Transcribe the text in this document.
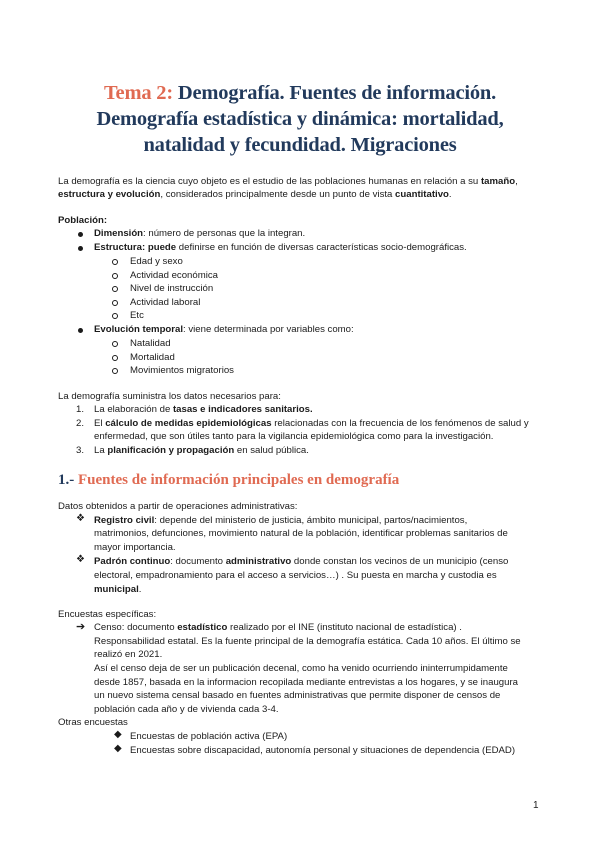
Tema 2: Demografía. Fuentes de información.
Demografía estadística y dinámica: mortalidad,
natalidad y fecundidad. Migraciones
La demografía es la ciencia cuyo objeto es el estudio de las poblaciones humanas en relación a su tamaño, estructura y evolución, considerados principalmente desde un punto de vista cuantitativo.
Población:
Dimensión: número de personas que la integran.
Estructura: puede definirse en función de diversas características socio-demográficas.
Edad y sexo
Actividad económica
Nivel de instrucción
Actividad laboral
Etc
Evolución temporal: viene determinada por variables como:
Natalidad
Mortalidad
Movimientos migratorios
La demografía suministra los datos necesarios para:
1. La elaboración de tasas e indicadores sanitarios.
2. El cálculo de medidas epidemiológicas relacionadas con la frecuencia de los fenómenos de salud y
enfermedad, que son útiles tanto para la vigilancia epidemiológica como para la investigación.
3. La planificación y propagación en salud pública.
1.- Fuentes de información principales en demografía
Datos obtenidos a partir de operaciones administrativas:
❖ Registro civil: depende del ministerio de justicia, ámbito municipal, partos/nacimientos,
matrimonios, defunciones, movimiento natural de la población, identificar problemas sanitarios de
mayor importancia.
❖ Padrón continuo: documento administrativo donde constan los vecinos de un municipio (censo
electoral, empadronamiento para el acceso a servicios…) . Su puesta en marcha y custodia es
municipal.
Encuestas específicas:
➔ Censo: documento estadístico realizado por el INE (instituto nacional de estadística) .
Responsabilidad estatal. Es la fuente principal de la demografía estática. Cada 10 años. El último se
realizó en 2021.
Así el censo deja de ser un publicación decenal, como ha venido ocurriendo ininterrumpidamente
desde 1857, basada en la informacion recopilada mediante entrevistas a los hogares, y se inaugura
un nuevo sistema censal basado en fuentes administrativas que permite disponer de censos de
población cada año y de vivienda cada 3-4.
Otras encuestas
◆ Encuestas de población activa (EPA)
◆ Encuestas sobre discapacidad, autonomía personal y situaciones de dependencia (EDAD)
1
